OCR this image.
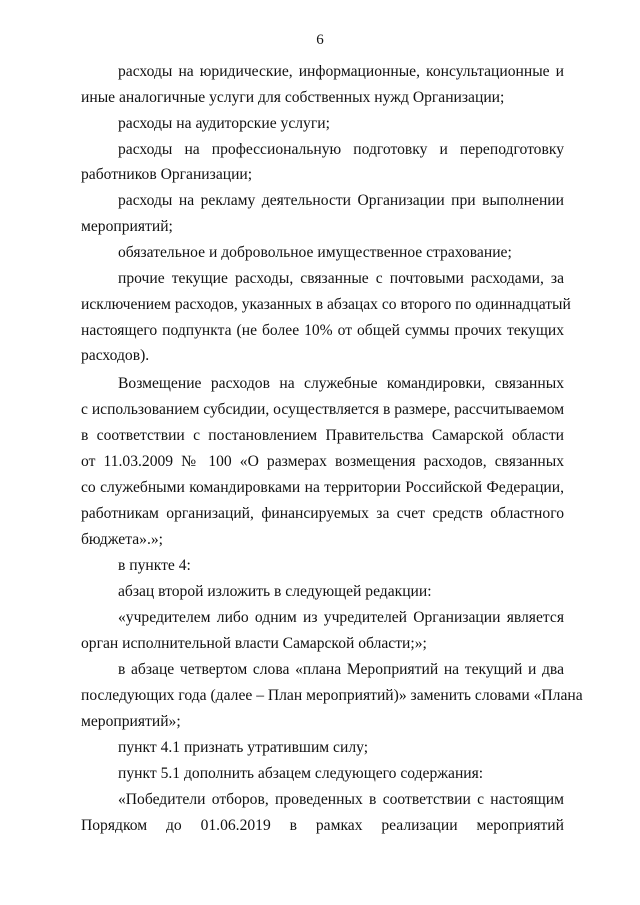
6
расходы на юридические, информационные, консультационные и
иные аналогичные услуги для собственных нужд Организации;
расходы на аудиторские услуги;
расходы на профессиональную подготовку и переподготовку
работников Организации;
расходы на рекламу деятельности Организации при выполнении
мероприятий;
обязательное и добровольное имущественное страхование;
прочие текущие расходы, связанные с почтовыми расходами, за
исключением расходов, указанных в абзацах со второго по одиннадцатый
настоящего подпункта (не более 10% от общей суммы прочих текущих
расходов).
Возмещение расходов на служебные командировки, связанных
с использованием субсидии, осуществляется в размере, рассчитываемом
в соответствии с постановлением Правительства Самарской области
от 11.03.2009 № 100 «О размерах возмещения расходов, связанных
со служебными командировками на территории Российской Федерации,
работникам организаций, финансируемых за счет средств областного
бюджета».»;
в пункте 4:
абзац второй изложить в следующей редакции:
«учредителем либо одним из учредителей Организации является
орган исполнительной власти Самарской области;»;
в абзаце четвертом слова «плана Мероприятий на текущий и два
последующих года (далее – План мероприятий)» заменить словами «Плана
мероприятий»;
пункт 4.1 признать утратившим силу;
пункт 5.1 дополнить абзацем следующего содержания:
«Победители отборов, проведенных в соответствии с настоящим
Порядком до 01.06.2019 в рамках реализации мероприятий
